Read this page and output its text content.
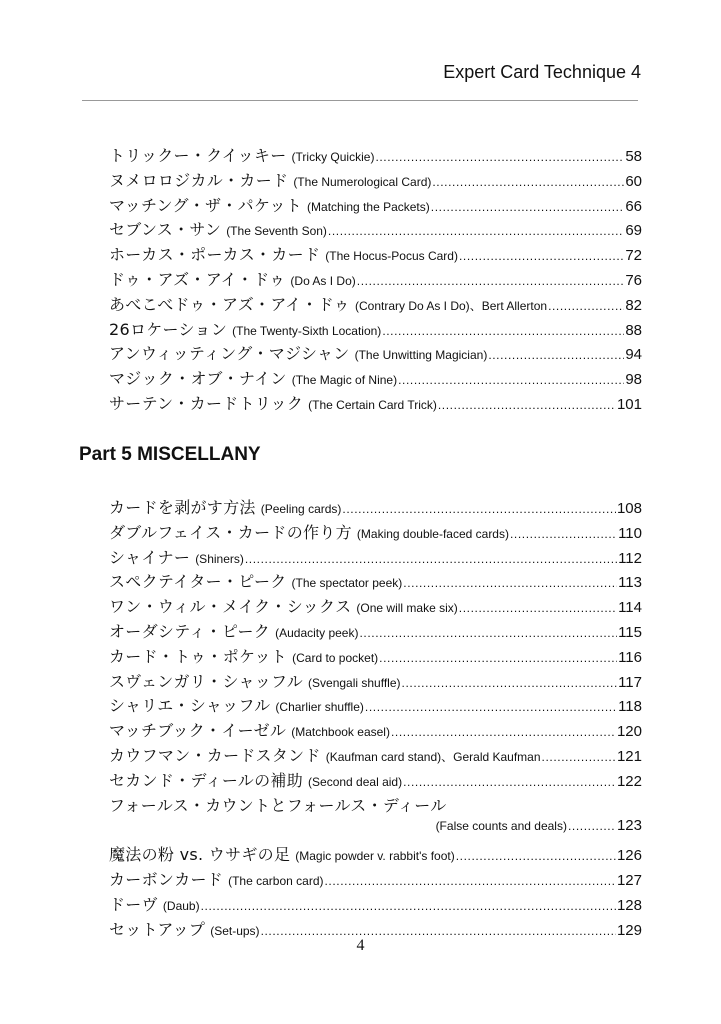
Expert Card Technique 4
トリックー・クイッキー (Tricky Quickie) .....	58
ヌメロロジカル・カード (The Numerological Card) .....	60
マッチング・ザ・パケット (Matching the Packets) .....	66
セブンス・サン (The Seventh Son) .....	69
ホーカス・ポーカス・カード (The Hocus-Pocus Card) .....	72
ドゥ・アズ・アイ・ドゥ (Do As I Do) .....	76
あべこべドゥ・アズ・アイ・ドゥ (Contrary Do As I Do) 、Bert Allerton .....	82
26ロケーション (The Twenty-Sixth Location) .....	88
アンウィッティング・マジシャン (The Unwitting Magician) .....	94
マジック・オブ・ナイン (The Magic of Nine) .....	98
サーテン・カードトリック (The Certain Card Trick) .....	101
Part 5 MISCELLANY
カードを剥がす方法 (Peeling cards) .....	108
ダブルフェイス・カードの作り方 (Making double-faced cards) .....	110
シャイナー (Shiners) .....	112
スペクテイター・ピーク (The spectator peek) .....	113
ワン・ウィル・メイク・シックス (One will make six) .....	114
オーダシティ・ピーク (Audacity peek) .....	115
カード・トゥ・ポケット (Card to pocket) .....	116
スヴェンガリ・シャッフル (Svengali shuffle) .....	117
シャリエ・シャッフル (Charlier shuffle) .....	118
マッチブック・イーゼル (Matchbook easel) .....	120
カウフマン・カードスタンド (Kaufman card stand) 、Gerald Kaufman .....	121
セカンド・ディールの補助 (Second deal aid) .....	122
フォールス・カウントとフォールス・ディール
(False counts and deals) .....	123
魔法の粉 vs. ウサギの足 (Magic powder v. rabbit's foot) .....	126
カーボンカード (The carbon card) .....	127
ドーヴ (Daub) .....	128
セットアップ (Set-ups) .....	129
4
